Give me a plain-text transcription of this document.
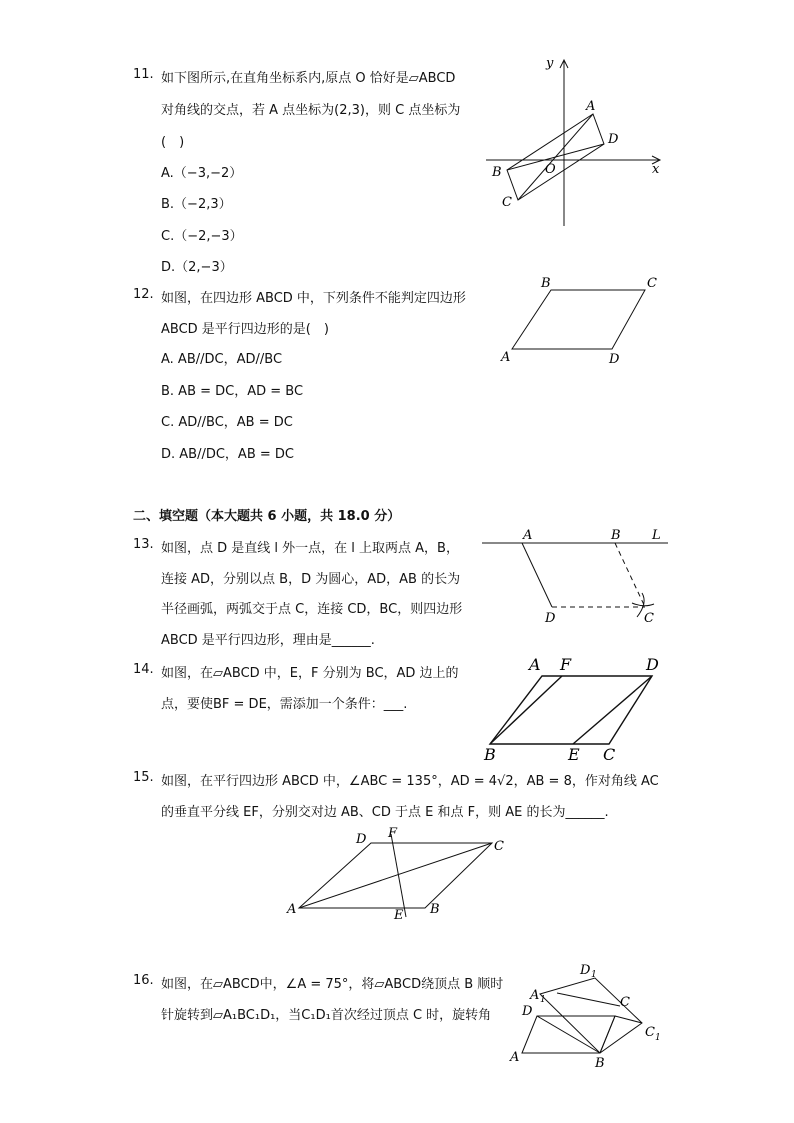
11. 如下图所示,在直角坐标系内,原点 O 恰好是▱ABCD
对角线的交点，若 A 点坐标为(2,3)，则 C 点坐标为
(　)
A.（−3,−2）
B.（−2,3）
C.（−2,−3）
D.（2,−3）
y
x
A
D
O
B
C
12. 如图，在四边形 ABCD 中，下列条件不能判定四边形
ABCD 是平行四边形的是(　)
A. AB//DC，AD//BC
B. AB = DC，AD = BC
C. AD//BC，AB = DC
D. AB//DC，AB = DC
B	C
A	D
二、填空题（本大题共 6 小题，共 18.0 分）
13. 如图，点 D 是直线 l 外一点，在 l 上取两点 A，B，
连接 AD，分别以点 B，D 为圆心，AD，AB 的长为
半径画弧，两弧交于点 C，连接 CD，BC，则四边形
ABCD 是平行四边形，理由是______.
A	B L
D	C
14. 如图，在▱ABCD 中，E，F 分别为 BC，AD 边上的
点，要使BF = DE，需添加一个条件：___.
A F	D
B	E C
15. 如图，在平行四边形 ABCD 中，∠ABC = 135°，AD = 4√2，AB = 8，作对角线 AC
的垂直平分线 EF，分别交对边 AB、CD 于点 E 和点 F，则 AE 的长为______.
D F
C
A	E B
16. 如图，在▱ABCD中，∠A = 75°，将▱ABCD绕顶点 B 顺时
针旋转到▱A₁BC₁D₁，当C₁D₁首次经过顶点 C 时，旋转角
D 1
A 1	C
D
C 1
A	B
